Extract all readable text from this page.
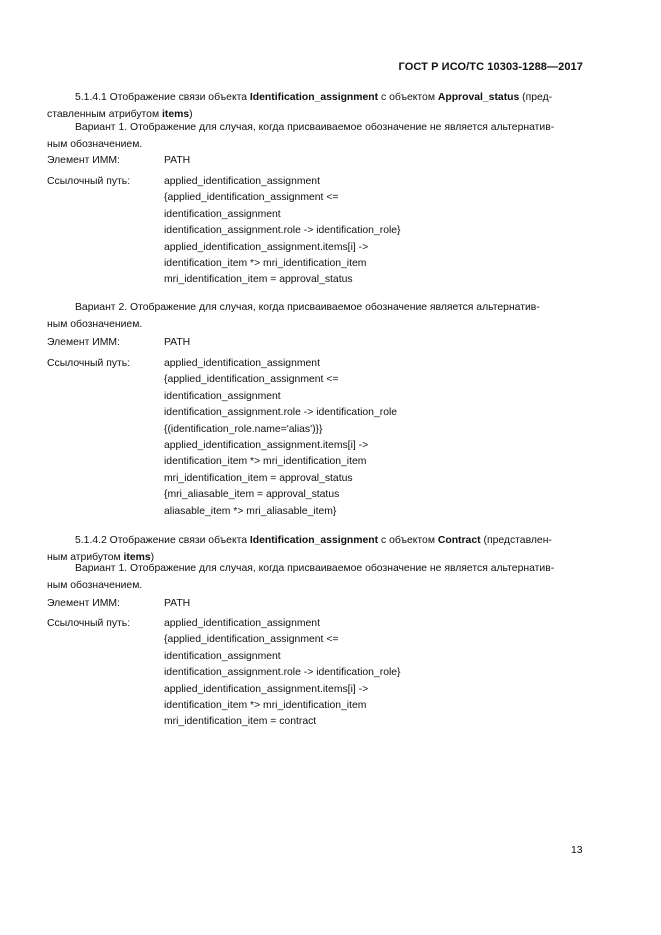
ГОСТ Р ИСО/ТС 10303-1288—2017
5.1.4.1 Отображение связи объекта Identification_assignment с объектом Approval_status (пред-
ставленным атрибутом items)
Вариант 1. Отображение для случая, когда присваиваемое обозначение не является альтернатив-
ным обозначением.
Элемент ИММ:	PATH
Ссылочный путь:	applied_identification_assignment
{applied_identification_assignment <=
identification_assignment
identification_assignment.role -> identification_role}
applied_identification_assignment.items[i] ->
identification_item *> mri_identification_item
mri_identification_item = approval_status
Вариант 2. Отображение для случая, когда присваиваемое обозначение является альтернатив-
ным обозначением.
Элемент ИММ:	PATH
Ссылочный путь:	applied_identification_assignment
{applied_identification_assignment <=
identification_assignment
identification_assignment.role -> identification_role
{(identification_role.name='alias')}}
applied_identification_assignment.items[i] ->
identification_item *> mri_identification_item
mri_identification_item = approval_status
{mri_aliasable_item = approval_status
aliasable_item *> mri_aliasable_item}
5.1.4.2 Отображение связи объекта Identification_assignment с объектом Contract (представлен-
ным атрибутом items)
Вариант 1. Отображение для случая, когда присваиваемое обозначение не является альтернатив-
ным обозначением.
Элемент ИММ:	PATH
Ссылочный путь:	applied_identification_assignment
{applied_identification_assignment <=
identification_assignment
identification_assignment.role -> identification_role}
applied_identification_assignment.items[i] ->
identification_item *> mri_identification_item
mri_identification_item = contract
13
